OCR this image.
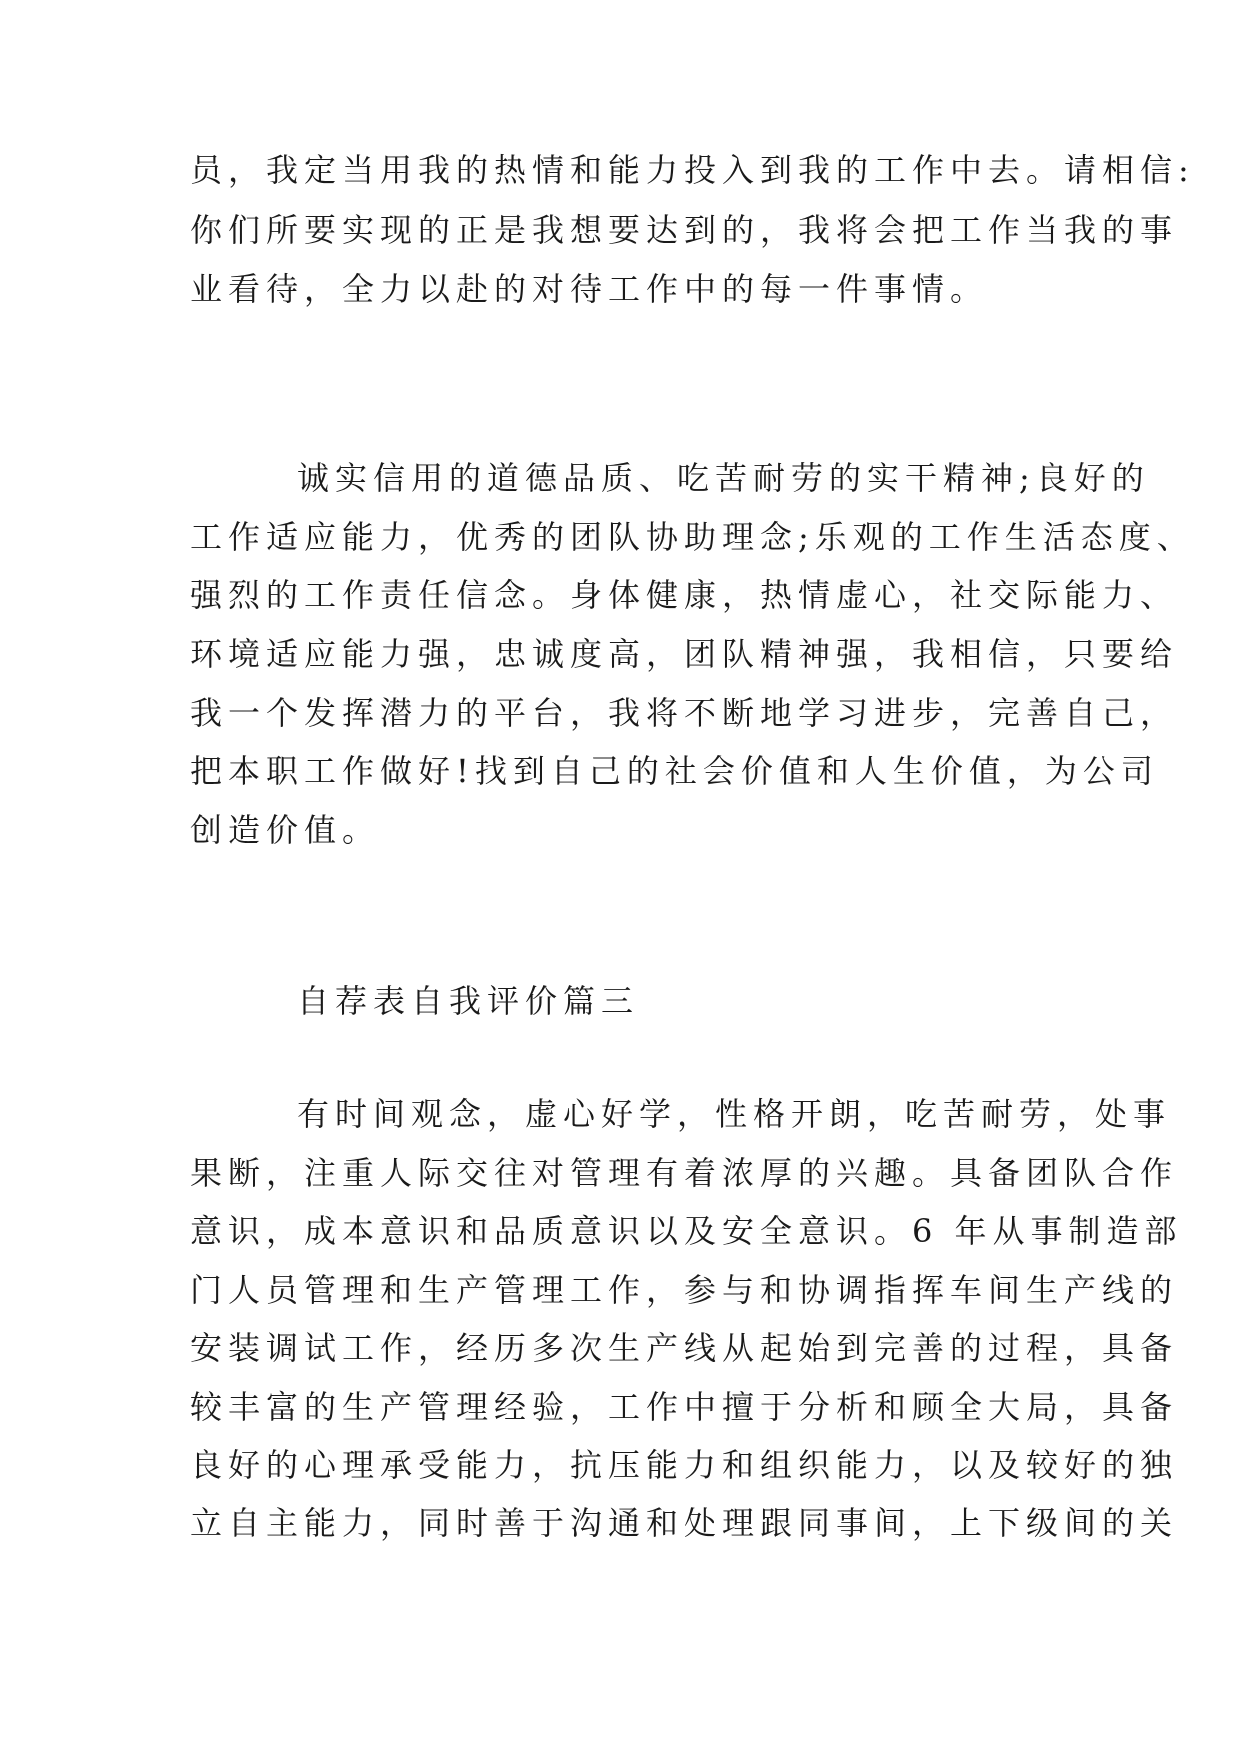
员，我定当用我的热情和能力投入到我的工作中去。请相信:
你们所要实现的正是我想要达到的，我将会把工作当我的事
业看待，全力以赴的对待工作中的每一件事情。
诚实信用的道德品质、吃苦耐劳的实干精神;良好的
工作适应能力，优秀的团队协助理念;乐观的工作生活态度、
强烈的工作责任信念。身体健康，热情虚心，社交际能力、
环境适应能力强，忠诚度高，团队精神强，我相信，只要给
我一个发挥潜力的平台，我将不断地学习进步，完善自己，
把本职工作做好!找到自己的社会价值和人生价值，为公司
创造价值。
自荐表自我评价篇三
有时间观念，虚心好学，性格开朗，吃苦耐劳，处事
果断，注重人际交往对管理有着浓厚的兴趣。具备团队合作
意识，成本意识和品质意识以及安全意识。6 年从事制造部
门人员管理和生产管理工作，参与和协调指挥车间生产线的
安装调试工作，经历多次生产线从起始到完善的过程，具备
较丰富的生产管理经验，工作中擅于分析和顾全大局，具备
良好的心理承受能力，抗压能力和组织能力，以及较好的独
立自主能力，同时善于沟通和处理跟同事间，上下级间的关
